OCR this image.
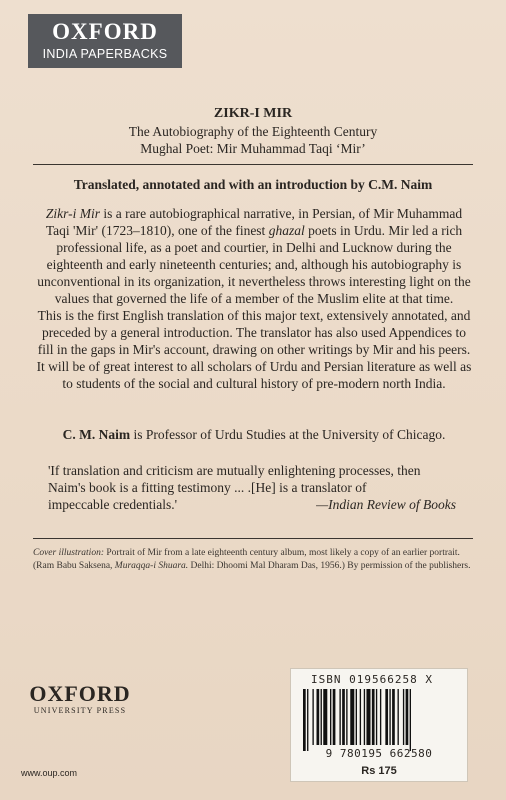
OXFORD
INDIA PAPERBACKS
ZIKR-I MIR
The Autobiography of the Eighteenth Century
Mughal Poet: Mir Muhammad Taqi ‘Mir’
Translated, annotated and with an introduction by C.M. Naim

Zikr-i Mir is a rare autobiographical narrative, in Persian, of Mir Muhammad Taqi 'Mir' (1723–1810), one of the finest ghazal poets in Urdu. Mir led a rich professional life, as a poet and courtier, in Delhi and Lucknow during the eighteenth and early nineteenth centuries; and, although his autobiography is unconventional in its organization, it nevertheless throws interesting light on the values that governed the life of a member of the Muslim elite at that time.

This is the first English translation of this major text, extensively annotated, and preceded by a general introduction. The translator has also used Appendices to fill in the gaps in Mir's account, drawing on other writings by Mir and his peers. It will be of great interest to all scholars of Urdu and Persian literature as well as to students of the social and cultural history of pre-modern north India.

C. M. Naim is Professor of Urdu Studies at the University of Chicago.
'If translation and criticism are mutually enlightening processes, then
Naim's book is a fitting testimony ... .[He] is a translator of
impeccable credentials.'	—Indian Review of Books
Cover illustration: Portrait of Mir from a late eighteenth century album, most likely a copy of an earlier portrait. (Ram Babu Saksena, Muraqqa-i Shuara. Delhi: Dhoomi Mal Dharam Das, 1956.) By permission of the publishers.
OXFORD
UNIVERSITY PRESS
www.oup.com
ISBN 019566258 X
9 780195 662580
Rs 175
